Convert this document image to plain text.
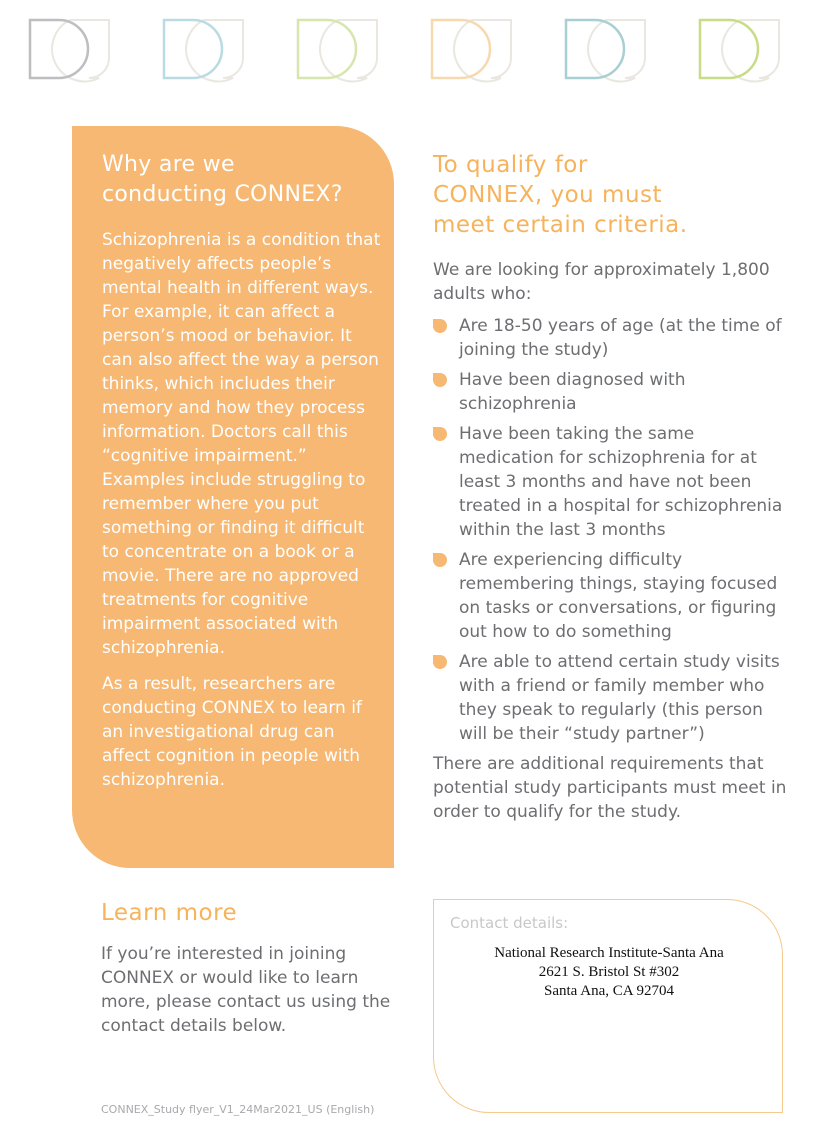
Why are we
conducting CONNEX?

Schizophrenia is a condition that negatively affects people’s mental health in different ways. For example, it can affect a person’s mood or behavior. It can also affect the way a person thinks, which includes their memory and how they process information. Doctors call this “cognitive impairment.” Examples include struggling to remember where you put something or finding it difficult to concentrate on a book or a movie. There are no approved treatments for cognitive impairment associated with schizophrenia.

As a result, researchers are conducting CONNEX to learn if an investigational drug can affect cognition in people with schizophrenia.

To qualify for
CONNEX, you must
meet certain criteria.

We are looking for approximately 1,800 adults who:

Are 18-50 years of age (at the time of joining the study)
Have been diagnosed with schizophrenia
Have been taking the same medication for schizophrenia for at least 3 months and have not been treated in a hospital for schizophrenia within the last 3 months
Are experiencing difficulty remembering things, staying focused on tasks or conversations, or figuring out how to do something
Are able to attend certain study visits with a friend or family member who they speak to regularly (this person will be their “study partner”)

There are additional requirements that potential study participants must meet in order to qualify for the study.

Learn more

If you’re interested in joining CONNEX or would like to learn more, please contact us using the contact details below.

Contact details:
National Research Institute-Santa Ana
2621 S. Bristol St #302
Santa Ana, CA 92704
CONNEX_Study flyer_V1_24Mar2021_US (English)
